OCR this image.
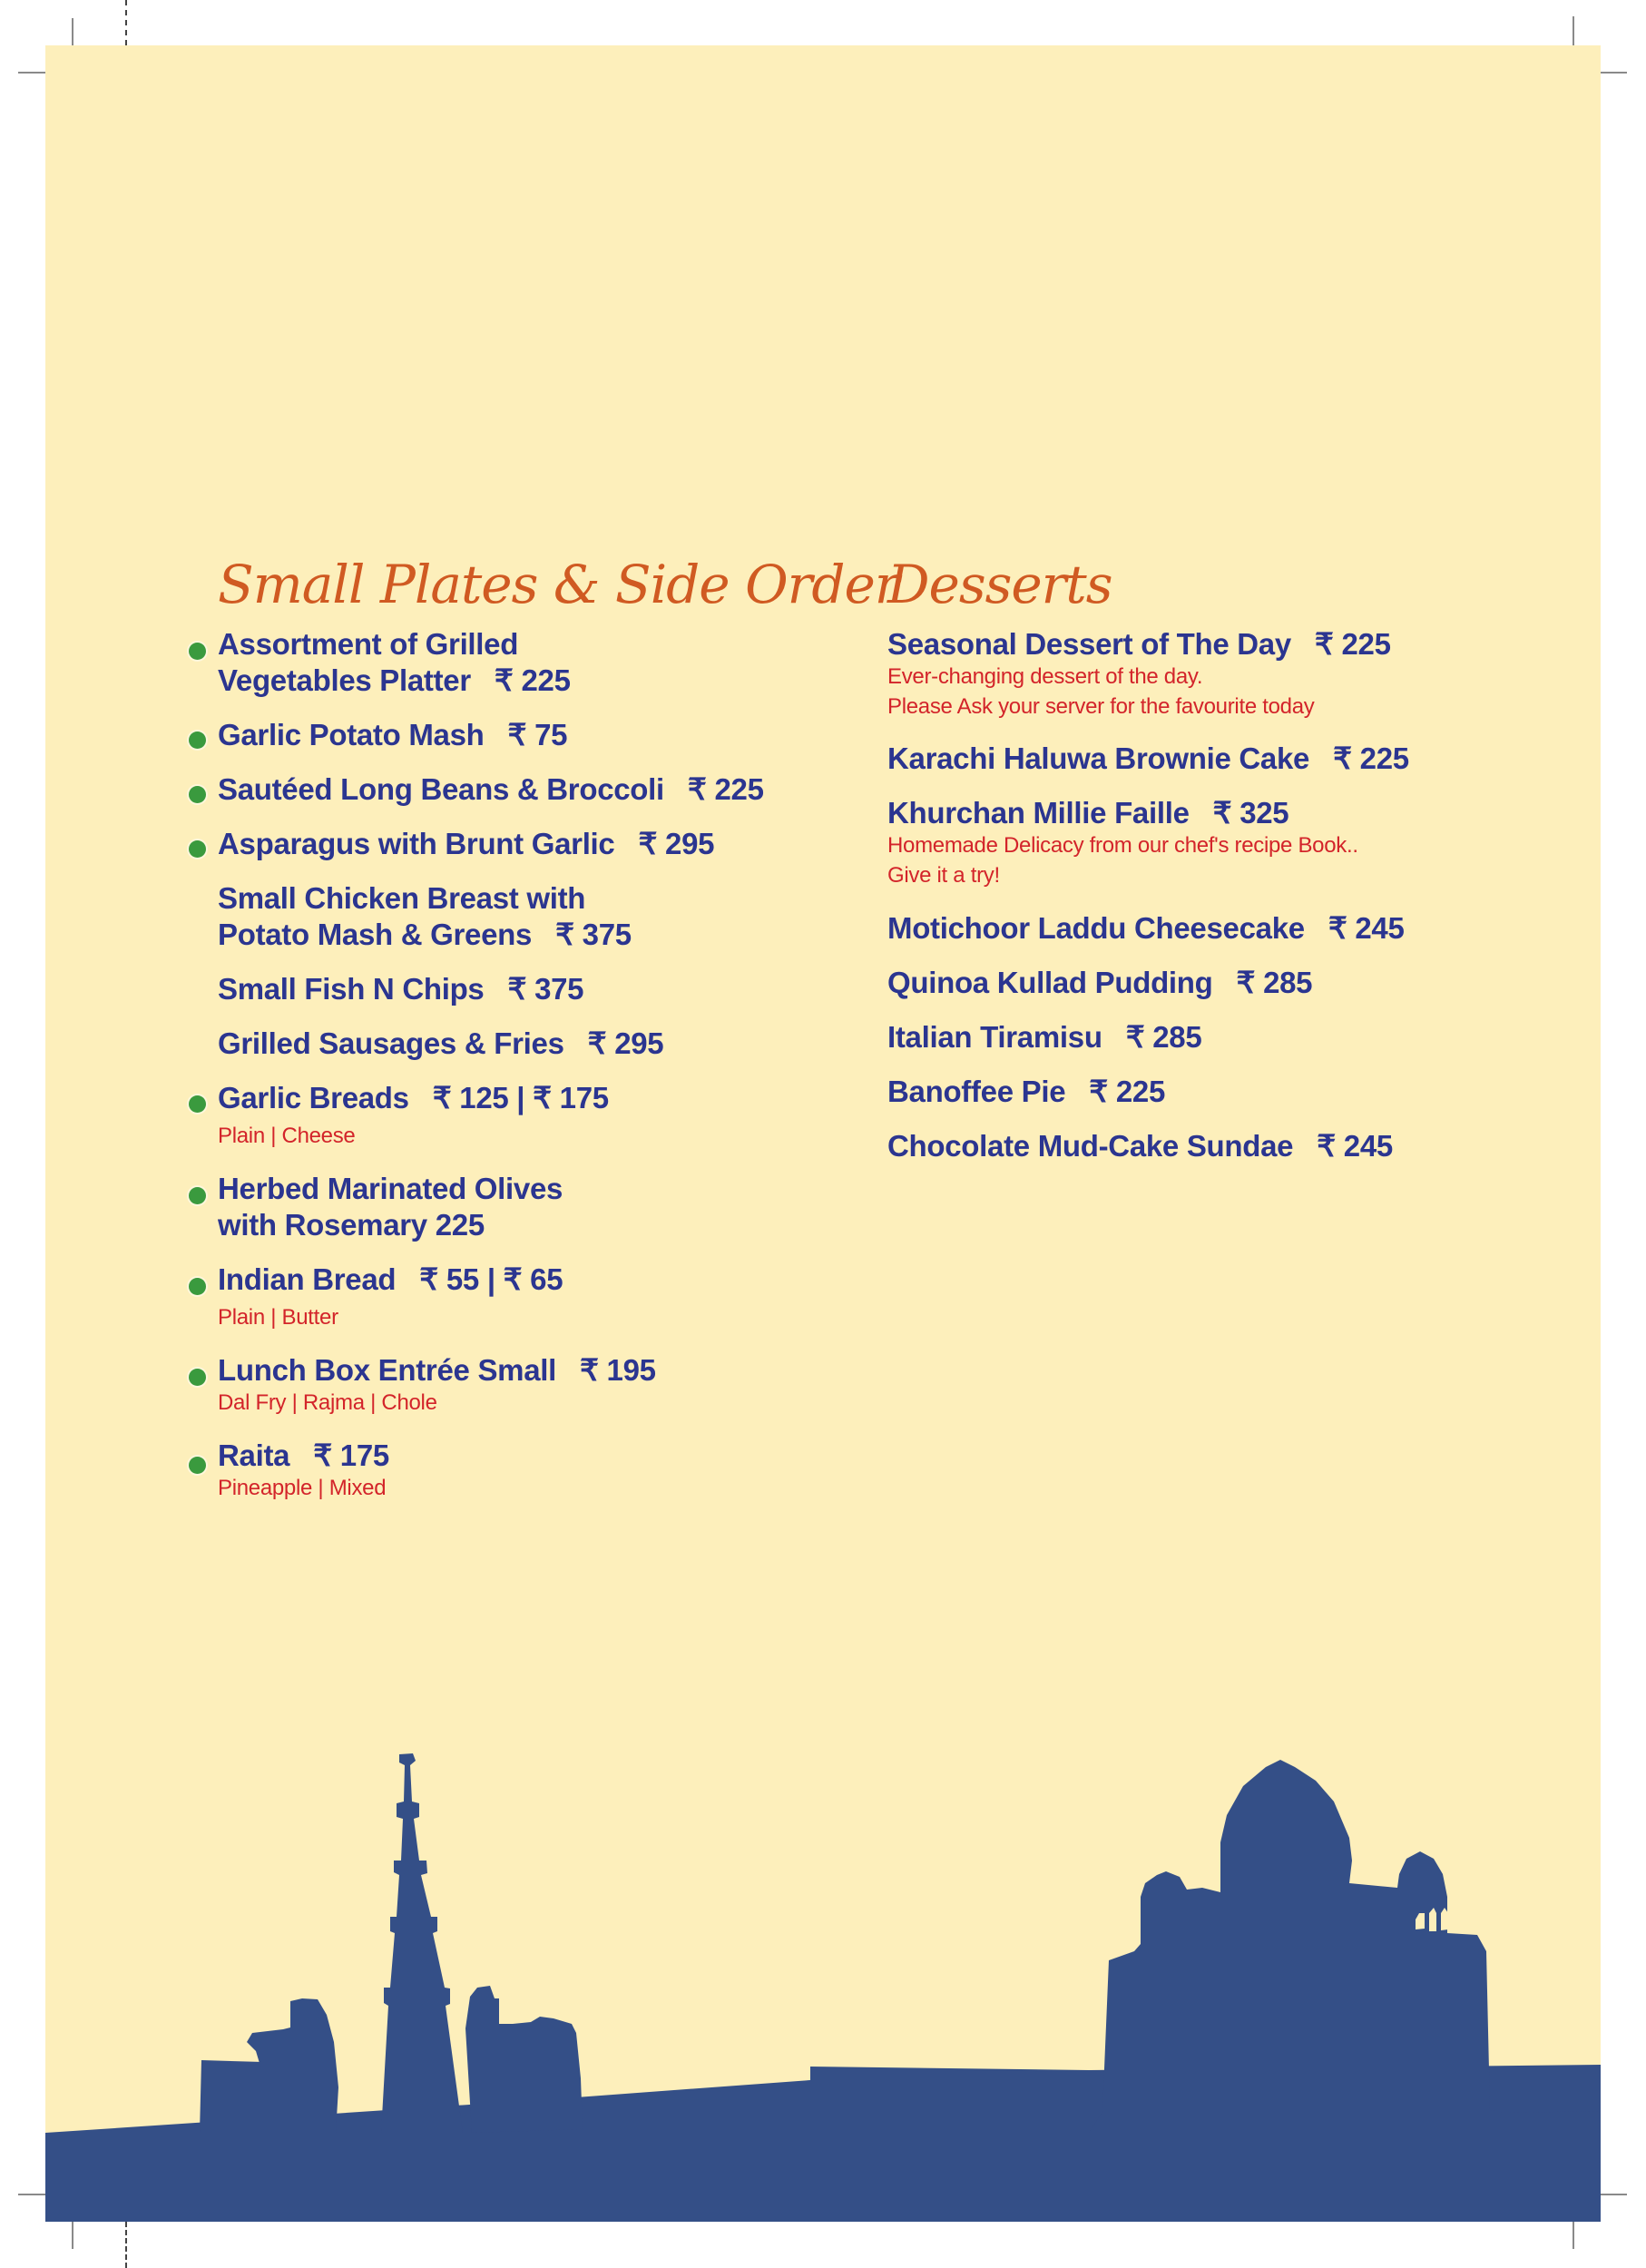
Small Plates & Side Order
Assortment of Grilled
Vegetables Platter ₹ 225
Garlic Potato Mash ₹ 75
Sautéed Long Beans & Broccoli ₹ 225
Asparagus with Brunt Garlic ₹ 295
Small Chicken Breast with
Potato Mash & Greens ₹ 375
Small Fish N Chips ₹ 375
Grilled Sausages & Fries ₹ 295
Garlic Breads ₹ 125 | ₹ 175
Plain | Cheese
Herbed Marinated Olives
with Rosemary 225
Indian Bread ₹ 55 | ₹ 65
Plain | Butter
Lunch Box Entrée Small ₹ 195
Dal Fry | Rajma | Chole
Raita ₹ 175
Pineapple | Mixed
Desserts
Seasonal Dessert of The Day ₹ 225
Ever-changing dessert of the day.
Please Ask your server for the favourite today
Karachi Haluwa Brownie Cake ₹ 225
Khurchan Millie Faille ₹ 325
Homemade Delicacy from our chef's recipe Book..
Give it a try!
Motichoor Laddu Cheesecake ₹ 245
Quinoa Kullad Pudding ₹ 285
Italian Tiramisu ₹ 285
Banoffee Pie ₹ 225
Chocolate Mud-Cake Sundae ₹ 245
